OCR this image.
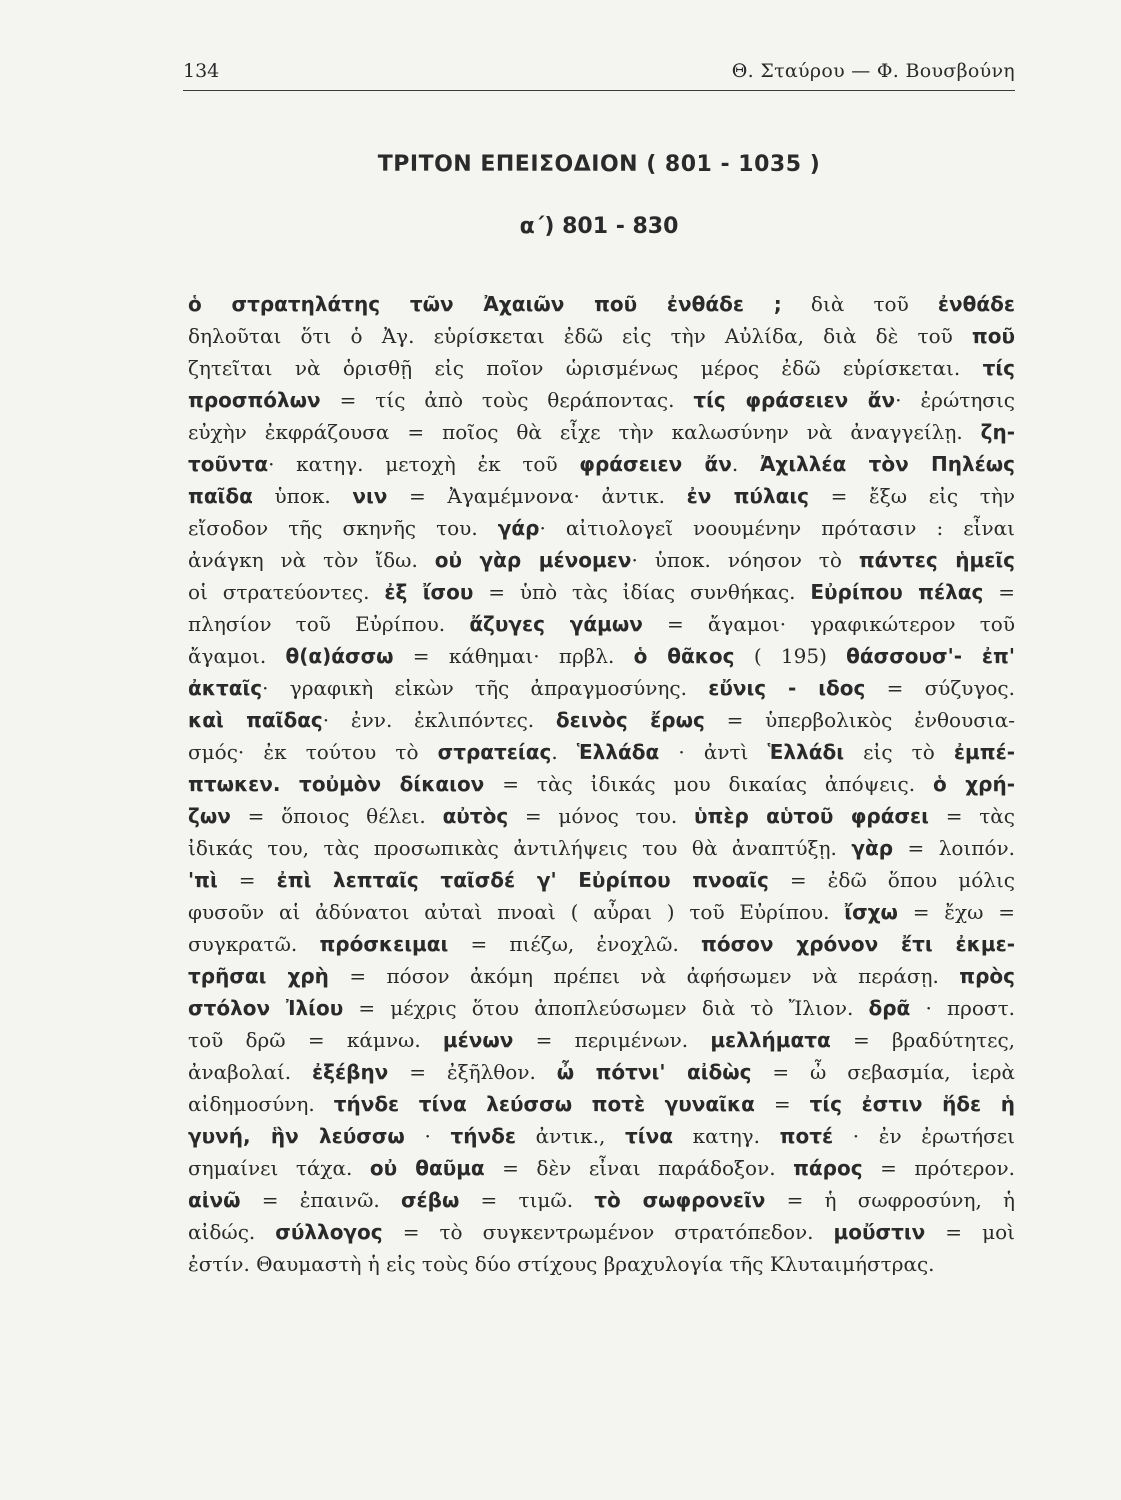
134	Θ. Σταύρου — Φ. Βουσβούνη
ΤΡΙΤΟΝ ΕΠΕΙΣΟΔΙΟΝ ( 801 - 1035 )
α΄) 801 - 830
ὁ στρατηλάτης τῶν Ἀχαιῶν ποῦ ἐνθάδε ; διὰ τοῦ ἐνθάδε
δηλοῦται ὅτι ὁ Ἀγ. εὑρίσκεται ἐδῶ εἰς τὴν Αὐλίδα, διὰ δὲ τοῦ ποῦ
ζητεῖται νὰ ὁρισθῇ εἰς ποῖον ὡρισμένως μέρος ἐδῶ εὑρίσκεται. τίς
προσπόλων = τίς ἀπὸ τοὺς θεράποντας. τίς φράσειεν ἄν· ἐρώτησις
εὐχὴν ἐκφράζουσα = ποῖος θὰ εἶχε τὴν καλωσύνην νὰ ἀναγγείλῃ. ζη-
τοῦντα· κατηγ. μετοχὴ ἐκ τοῦ φράσειεν ἄν. Ἀχιλλέα τὸν Πηλέως
παῖδα ὑποκ. νιν = Ἀγαμέμνονα· ἀντικ. ἐν πύλαις = ἔξω εἰς τὴν
εἴσοδον τῆς σκηνῆς του. γάρ· αἰτιολογεῖ νοουμένην πρότασιν : εἶναι
ἀνάγκη νὰ τὸν ἴδω. οὐ γὰρ μένομεν· ὑποκ. νόησον τὸ πάντες ἡμεῖς
οἱ στρατεύοντες. ἐξ ἴσου = ὑπὸ τὰς ἰδίας συνθήκας. Εὐρίπου πέλας =
πλησίον τοῦ Εὐρίπου. ἄζυγες γάμων = ἄγαμοι· γραφικώτερον τοῦ
ἄγαμοι. θ(α)άσσω = κάθημαι· πρβλ. ὁ θᾶκος ( 195) θάσσουσ'- ἐπ'
ἀκταῖς· γραφικὴ εἰκὼν τῆς ἀπραγμοσύνης. εὔνις - ιδος = σύζυγος.
καὶ παῖδας· ἐνν. ἐκλιπόντες. δεινὸς ἔρως = ὑπερβολικὸς ἐνθουσια-
σμός· ἐκ τούτου τὸ στρατείας. Ἑλλάδα · ἀντὶ Ἑλλάδι εἰς τὸ ἐμπέ-
πτωκεν. τοὐμὸν δίκαιον = τὰς ἰδικάς μου δικαίας ἀπόψεις. ὁ χρή-
ζων = ὅποιος θέλει. αὐτὸς = μόνος του. ὑπὲρ αὑτοῦ φράσει = τὰς
ἰδικάς του, τὰς προσωπικὰς ἀντιλήψεις του θὰ ἀναπτύξῃ. γὰρ = λοιπόν.
'πὶ = ἐπὶ λεπταῖς ταῖσδέ γ' Εὐρίπου πνοαῖς = ἐδῶ ὅπου μόλις
φυσοῦν αἱ ἀδύνατοι αὐταὶ πνοαὶ ( αὖραι ) τοῦ Εὐρίπου. ἴσχω = ἔχω =
συγκρατῶ. πρόσκειμαι = πιέζω, ἐνοχλῶ. πόσον χρόνον ἔτι ἐκμε-
τρῆσαι χρὴ = πόσον ἀκόμη πρέπει νὰ ἀφήσωμεν νὰ περάσῃ. πρὸς
στόλον Ἰλίου = μέχρις ὅτου ἀποπλεύσωμεν διὰ τὸ Ἴλιον. δρᾶ · προστ.
τοῦ δρῶ = κάμνω. μένων = περιμένων. μελλήματα = βραδύτητες,
ἀναβολαί. ἐξέβην = ἐξῆλθον. ὦ πότνι' αἰδὼς = ὦ σεβασμία, ἱερὰ
αἰδημοσύνη. τήνδε τίνα λεύσσω ποτὲ γυναῖκα = τίς ἐστιν ἥδε ἡ
γυνή, ἣν λεύσσω · τήνδε ἀντικ., τίνα κατηγ. ποτέ · ἐν ἐρωτήσει
σημαίνει τάχα. οὐ θαῦμα = δὲν εἶναι παράδοξον. πάρος = πρότερον.
αἰνῶ = ἐπαινῶ. σέβω = τιμῶ. τὸ σωφρονεῖν = ἡ σωφροσύνη, ἡ
αἰδώς. σύλλογος = τὸ συγκεντρωμένον στρατόπεδον. μοὔστιν = μοὶ
ἐστίν. Θαυμαστὴ ἡ εἰς τοὺς δύο στίχους βραχυλογία τῆς Κλυταιμήστρας.
